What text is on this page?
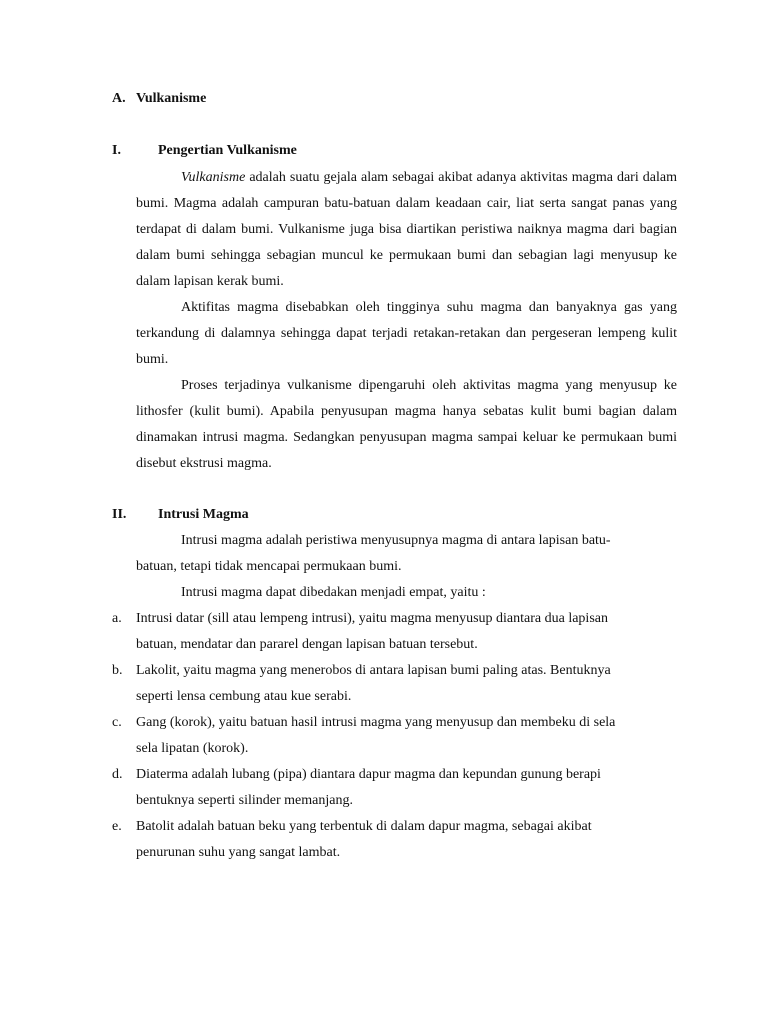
A. Vulkanisme
I.	Pengertian Vulkanisme

Vulkanisme adalah suatu gejala alam sebagai akibat adanya aktivitas magma dari dalam bumi. Magma adalah campuran batu-batuan dalam keadaan cair, liat serta sangat panas yang terdapat di dalam bumi. Vulkanisme juga bisa diartikan peristiwa naiknya magma dari bagian dalam bumi sehingga sebagian muncul ke permukaan bumi dan sebagian lagi menyusup ke dalam lapisan kerak bumi.

Aktifitas magma disebabkan oleh tingginya suhu magma dan banyaknya gas yang terkandung di dalamnya sehingga dapat terjadi retakan-retakan dan pergeseran lempeng kulit bumi.

Proses terjadinya vulkanisme dipengaruhi oleh aktivitas magma yang menyusup ke lithosfer (kulit bumi). Apabila penyusupan magma hanya sebatas kulit bumi bagian dalam dinamakan intrusi magma. Sedangkan penyusupan magma sampai keluar ke permukaan bumi disebut ekstrusi magma.

II. Intrusi Magma
Intrusi magma adalah peristiwa menyusupnya magma di antara lapisan batu-
batuan, tetapi tidak mencapai permukaan bumi.
Intrusi magma dapat dibedakan menjadi empat, yaitu :
a. Intrusi datar (sill atau lempeng intrusi), yaitu magma menyusup diantara dua lapisan
batuan, mendatar dan pararel dengan lapisan batuan tersebut.
b. Lakolit, yaitu magma yang menerobos di antara lapisan bumi paling atas. Bentuknya
seperti lensa cembung atau kue serabi.
c. Gang (korok), yaitu batuan hasil intrusi magma yang menyusup dan membeku di sela
sela lipatan (korok).
d. Diaterma adalah lubang (pipa) diantara dapur magma dan kepundan gunung berapi
bentuknya seperti silinder memanjang.
e. Batolit adalah batuan beku yang terbentuk di dalam dapur magma, sebagai akibat
penurunan suhu yang sangat lambat.
